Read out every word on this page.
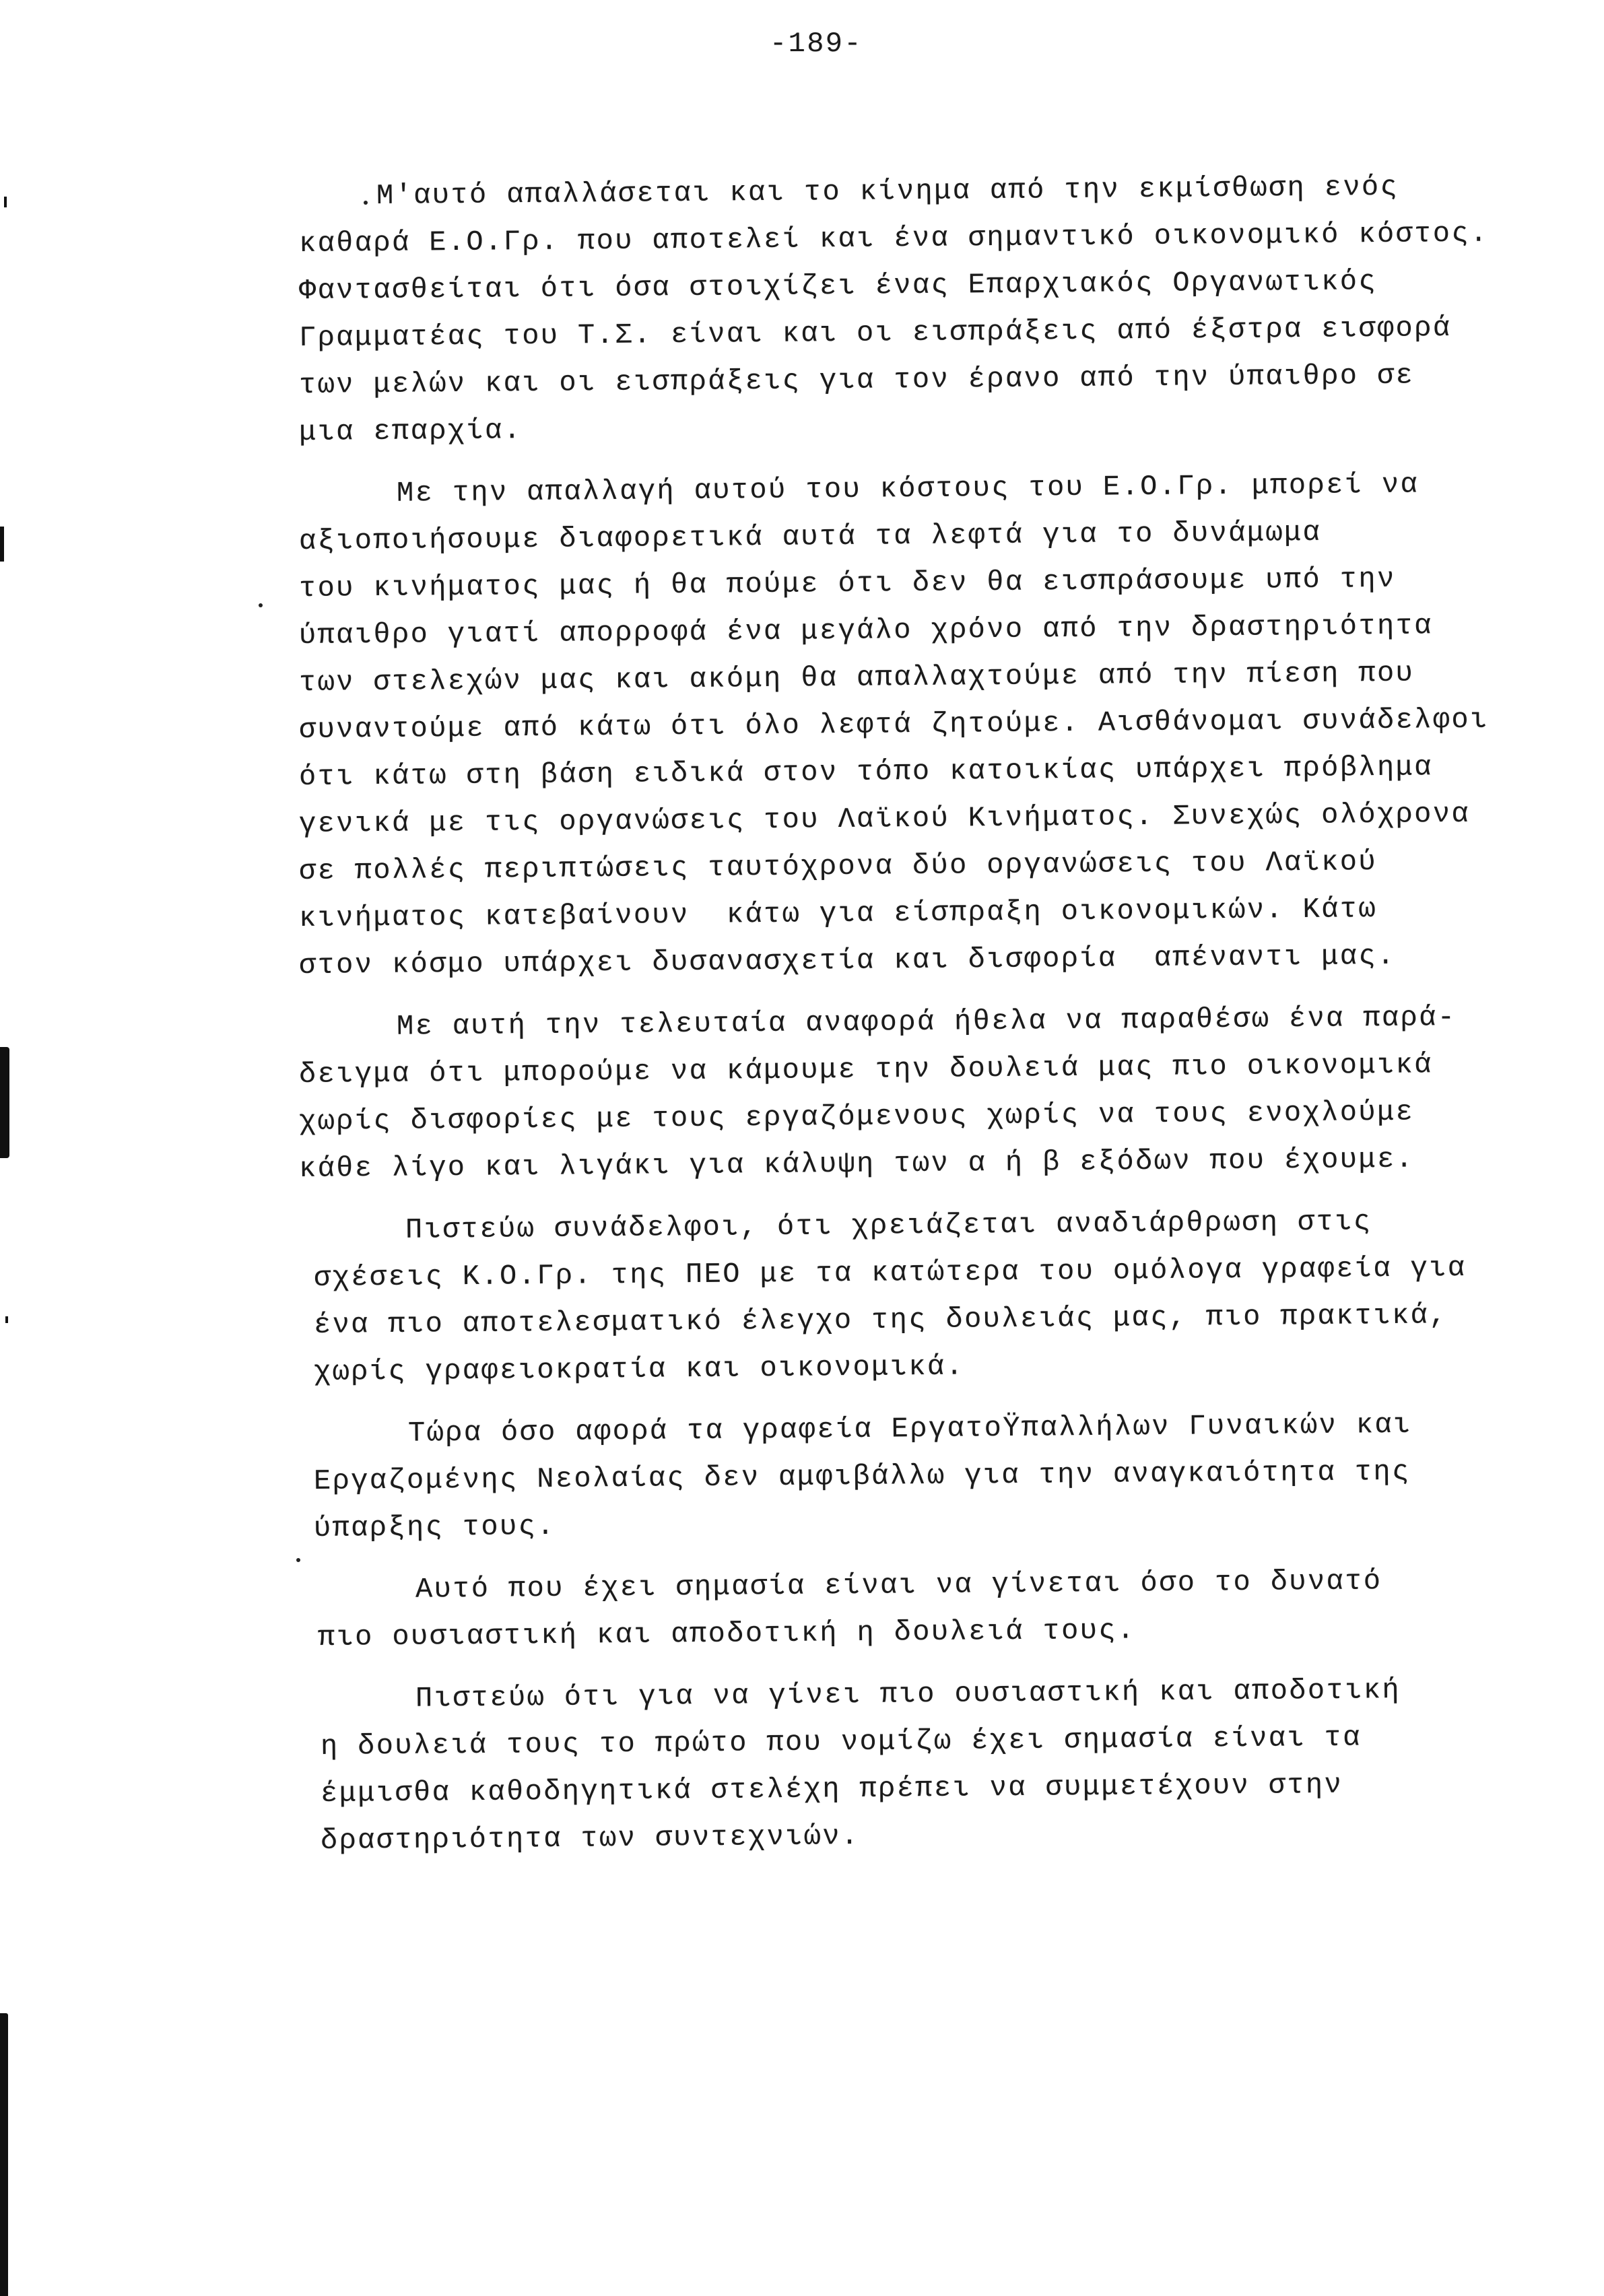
-189-
Μ'αυτό απαλλάσεται και το κίνημα από την εκμίσθωση ενός
καθαρά Ε.Ο.Γρ. που αποτελεί και ένα σημαντικό οικονομικό κόστος.
Φαντασθείται ότι όσα στοιχίζει ένας Επαρχιακός Οργανωτικός
Γραμματέας του Τ.Σ. είναι και οι εισπράξεις από έξστρα εισφορά
των μελών και οι εισπράξεις για τον έρανο από την ύπαιθρο σε
μια επαρχία.
Με την απαλλαγή αυτού του κόστους του Ε.Ο.Γρ. μπορεί να
αξιοποιήσουμε διαφορετικά αυτά τα λεφτά για το δυνάμωμα
του κινήματος μας ή θα πούμε ότι δεν θα εισπράσουμε υπό την
ύπαιθρο γιατί απορροφά ένα μεγάλο χρόνο από την δραστηριότητα
των στελεχών μας και ακόμη θα απαλλαχτούμε από την πίεση που
συναντούμε από κάτω ότι όλο λεφτά ζητούμε. Αισθάνομαι συνάδελφοι
ότι κάτω στη βάση ειδικά στον τόπο κατοικίας υπάρχει πρόβλημα
γενικά με τις οργανώσεις του Λαϊκού Κινήματος. Συνεχώς ολόχρονα
σε πολλές περιπτώσεις ταυτόχρονα δύο οργανώσεις του Λαϊκού
κινήματος κατεβαίνουν  κάτω για είσπραξη οικονομικών. Κάτω
στον κόσμο υπάρχει δυσανασχετία και δισφορία  απέναντι μας.
Με αυτή την τελευταία αναφορά ήθελα να παραθέσω ένα παρά-
δειγμα ότι μπορούμε να κάμουμε την δουλειά μας πιο οικονομικά
χωρίς δισφορίες με τους εργαζόμενους χωρίς να τους ενοχλούμε
κάθε λίγο και λιγάκι για κάλυψη των α ή β εξόδων που έχουμε.
Πιστεύω συνάδελφοι, ότι χρειάζεται αναδιάρθρωση στις
σχέσεις Κ.Ο.Γρ. της ΠΕΟ με τα κατώτερα του ομόλογα γραφεία για
ένα πιο αποτελεσματικό έλεγχο της δουλειάς μας, πιο πρακτικά,
χωρίς γραφειοκρατία και οικονομικά.
Τώρα όσο αφορά τα γραφεία ΕργατοΫπαλλήλων Γυναικών και
Εργαζομένης Νεολαίας δεν αμφιβάλλω για την αναγκαιότητα της
ύπαρξης τους.
Αυτό που έχει σημασία είναι να γίνεται όσο το δυνατό
πιο ουσιαστική και αποδοτική η δουλειά τους.
Πιστεύω ότι για να γίνει πιο ουσιαστική και αποδοτική
η δουλειά τους το πρώτο που νομίζω έχει σημασία είναι τα
έμμισθα καθοδηγητικά στελέχη πρέπει να συμμετέχουν στην
δραστηριότητα των συντεχνιών.
